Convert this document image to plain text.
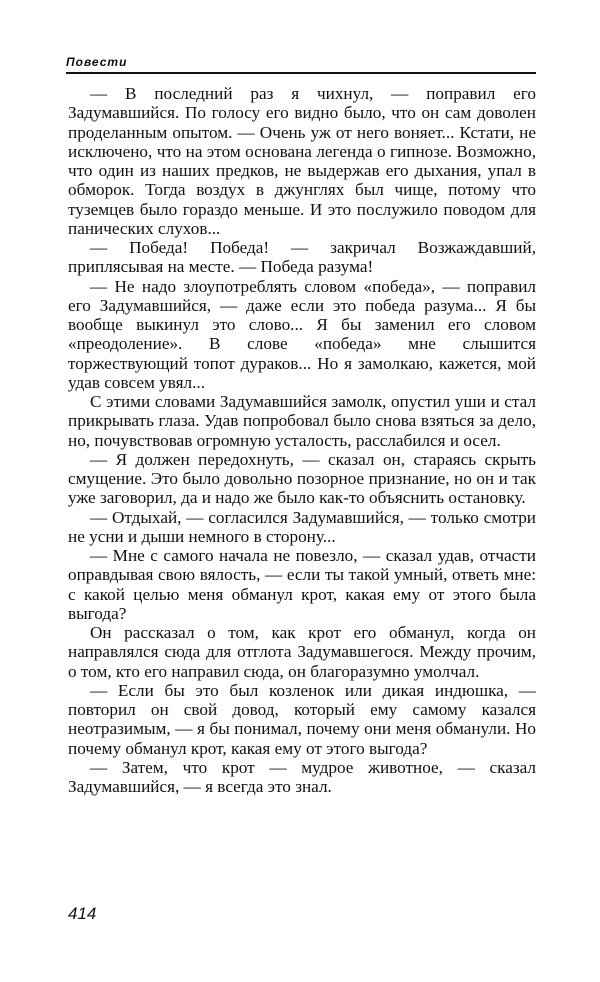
Повести

— В последний раз я чихнул, — поправил его Задумавшийся. По голосу его видно было, что он сам доволен проделанным опытом. — Очень уж от него воняет... Кстати, не исключено, что на этом основана легенда о гипнозе. Возможно, что один из наших предков, не выдержав его дыхания, упал в обморок. Тогда воздух в джунглях был чище, потому что туземцев было гораздо меньше. И это послужило поводом для панических слухов...

— Победа! Победа! — закричал Возжаждавший, приплясывая на месте. — Победа разума!

— Не надо злоупотреблять словом «победа», — поправил его Задумавшийся, — даже если это победа разума... Я бы вообще выкинул это слово... Я бы заменил его словом «преодоление». В слове «победа» мне слышится торжествующий топот дураков... Но я замолкаю, кажется, мой удав совсем увял...

С этими словами Задумавшийся замолк, опустил уши и стал прикрывать глаза. Удав попробовал было снова взяться за дело, но, почувствовав огромную усталость, расслабился и осел.

— Я должен передохнуть, — сказал он, стараясь скрыть смущение. Это было довольно позорное признание, но он и так уже заговорил, да и надо же было как-то объяснить остановку.

— Отдыхай, — согласился Задумавшийся, — только смотри не усни и дыши немного в сторону...

— Мне с самого начала не повезло, — сказал удав, отчасти оправдывая свою вялость, — если ты такой умный, ответь мне: с какой целью меня обманул крот, какая ему от этого была выгода?

Он рассказал о том, как крот его обманул, когда он направлялся сюда для отглота Задумавшегося. Между прочим, о том, кто его направил сюда, он благоразумно умолчал.

— Если бы это был козленок или дикая индюшка, — повторил он свой довод, который ему самому казался неотразимым, — я бы понимал, почему они меня обманули. Но почему обманул крот, какая ему от этого выгода?

— Затем, что крот — мудрое животное, — сказал Задумавшийся, — я всегда это знал.

414
